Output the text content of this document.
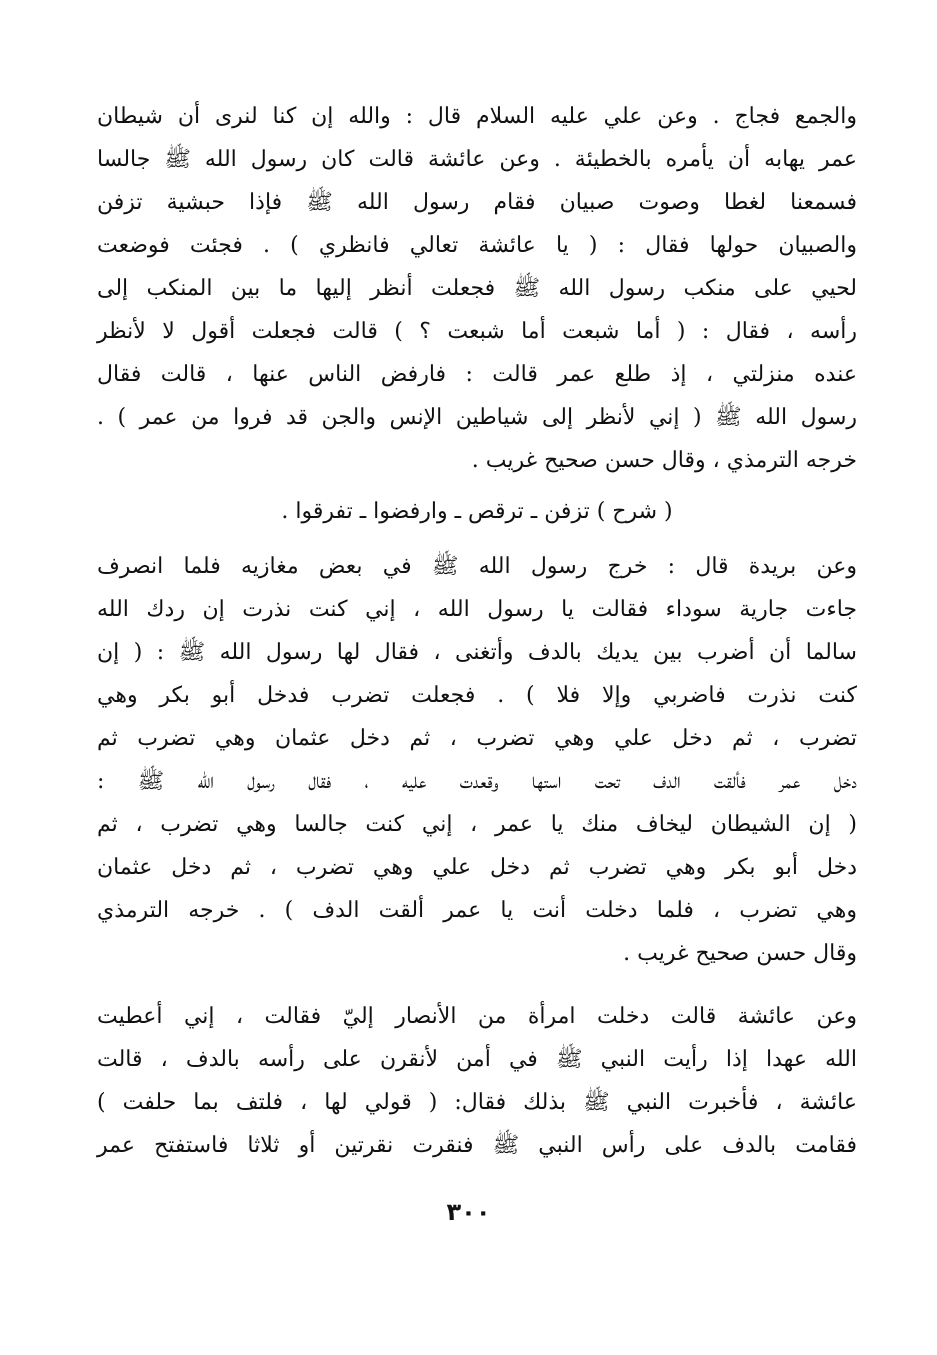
والجمع فجاج . وعن علي عليه السلام قال : والله إن كنا لنرى أن شيطان
عمر يهابه أن يأمره بالخطيئة . وعن عائشة قالت كان رسول الله ﷺ جالسا
فسمعنا لغطا وصوت صبيان فقام رسول الله ﷺ فإذا حبشية تزفن
والصبيان حولها فقال : ( يا عائشة تعالي فانظري ) . فجئت فوضعت
لحيي على منكب رسول الله ﷺ فجعلت أنظر إليها ما بين المنكب إلى
رأسه ، فقال : ( أما شبعت أما شبعت ؟ ) قالت فجعلت أقول لا لأنظر
عنده منزلتي ، إذ طلع عمر قالت : فارفض الناس عنها ، قالت فقال
رسول الله ﷺ ( إني لأنظر إلى شياطين الإنس والجن قد فروا من عمر ) .
خرجه الترمذي ، وقال حسن صحيح غريب .
( شرح ) تزفن ـ ترقص ـ وارفضوا ـ تفرقوا .
وعن بريدة قال : خرج رسول الله ﷺ في بعض مغازيه فلما انصرف
جاءت جارية سوداء فقالت يا رسول الله ، إني كنت نذرت إن ردك الله
سالما أن أضرب بين يديك بالدف وأتغنى ، فقال لها رسول الله ﷺ : ( إن
كنت نذرت فاضربي وإلا فلا ) . فجعلت تضرب فدخل أبو بكر وهي
تضرب ، ثم دخل علي وهي تضرب ، ثم دخل عثمان وهي تضرب ثم
دخل عمر فألقت الدف تحت استها وقعدت عليه ، فقال رسول الله ﷺ :
( إن الشيطان ليخاف منك يا عمر ، إني كنت جالسا وهي تضرب ، ثم
دخل أبو بكر وهي تضرب ثم دخل علي وهي تضرب ، ثم دخل عثمان
وهي تضرب ، فلما دخلت أنت يا عمر ألقت الدف ) . خرجه الترمذي
وقال حسن صحيح غريب .
وعن عائشة قالت دخلت امرأة من الأنصار إليّ فقالت ، إني أعطيت
الله عهدا إذا رأيت النبي ﷺ في أمن لأنقرن على رأسه بالدف ، قالت
عائشة ، فأخبرت النبي ﷺ بذلك فقال: ( قولي لها ، فلتف بما حلفت )
فقامت بالدف على رأس النبي ﷺ فنقرت نقرتين أو ثلاثا فاستفتح عمر
٣٠٠
